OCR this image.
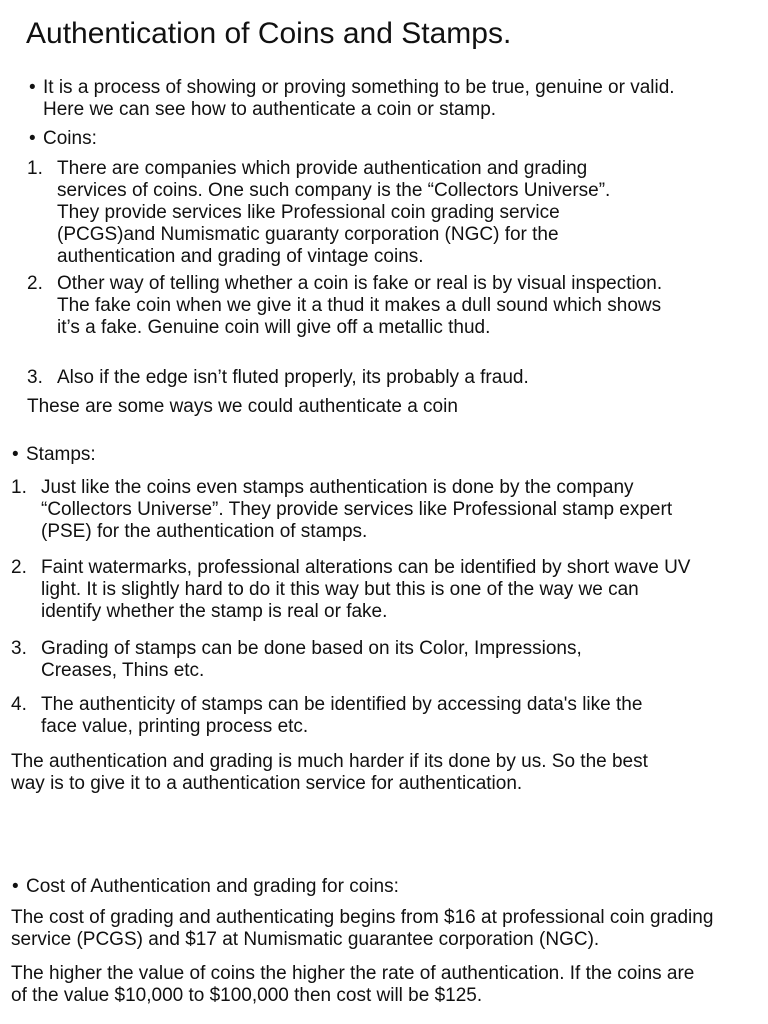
Authentication of Coins and Stamps.
• It is a process of showing or proving something to be true, genuine or valid. Here we can see how to authenticate a coin or stamp.
• Coins:
1. There are companies which provide authentication and grading services of coins. One such company is the “Collectors Universe”. They provide services like Professional coin grading service (PCGS)and Numismatic guaranty corporation (NGC) for the authentication and grading of vintage coins.
2. Other way of telling whether a coin is fake or real is by visual inspection. The fake coin when we give it a thud it makes a dull sound which shows it’s a fake. Genuine coin will give off a metallic thud.
3. Also if the edge isn’t fluted properly, its probably a fraud.

These are some ways we could authenticate a coin

• Stamps:
1. Just like the coins even stamps authentication is done by the company “Collectors Universe”. They provide services like Professional stamp expert (PSE) for the authentication of stamps.
2. Faint watermarks, professional alterations can be identified by short wave UV light. It is slightly hard to do it this way but this is one of the way we can identify whether the stamp is real or fake.
3. Grading of stamps can be done based on its Color, Impressions, Creases, Thins etc.
4. The authenticity of stamps can be identified by accessing data's like the face value, printing process etc.

The authentication and grading is much harder if its done by us. So the best way is to give it to a authentication service for authentication.

• Cost of Authentication and grading for coins:

The cost of grading and authenticating begins from $16 at professional coin grading service (PCGS) and $17 at Numismatic guarantee corporation (NGC).

The higher the value of coins the higher the rate of authentication. If the coins are of the value $10,000 to $100,000 then cost will be $125.
